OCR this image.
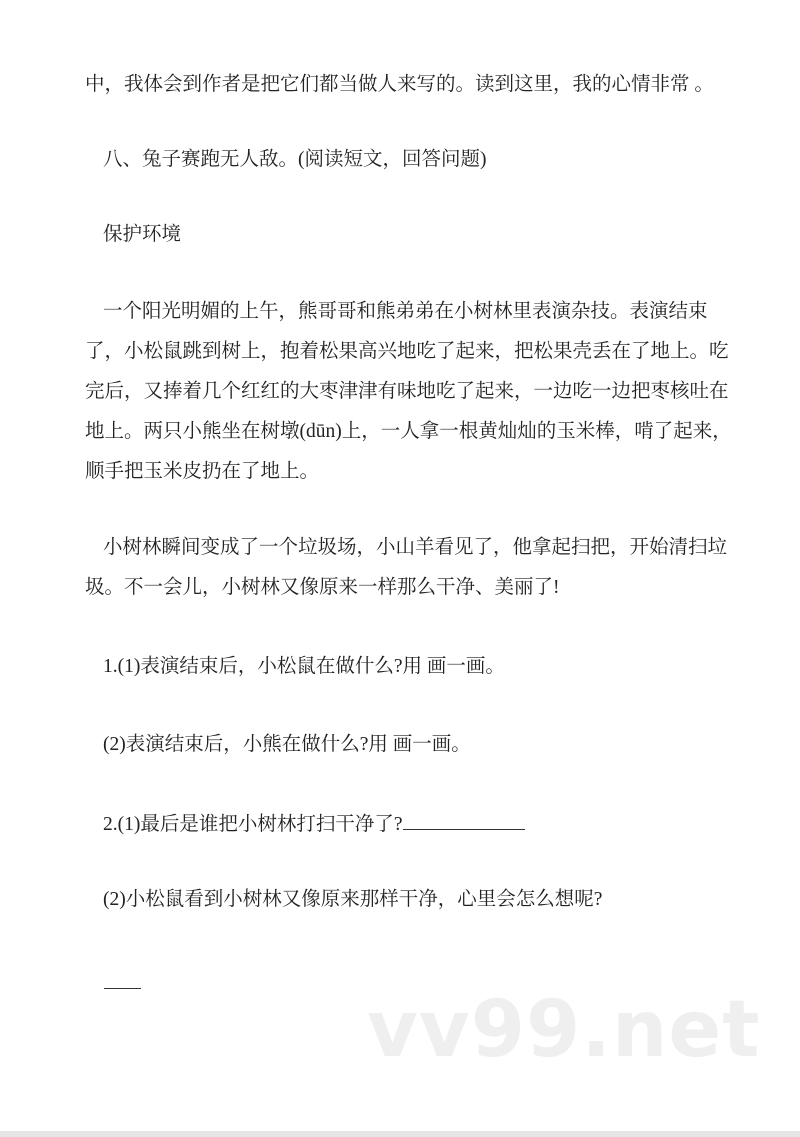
中，我体会到作者是把它们都当做人来写的。读到这里，我的心情非常 。
八、兔子赛跑无人敌。(阅读短文，回答问题)
保护环境
一个阳光明媚的上午，熊哥哥和熊弟弟在小树林里表演杂技。表演结束
了，小松鼠跳到树上，抱着松果高兴地吃了起来，把松果壳丢在了地上。吃
完后，又捧着几个红红的大枣津津有味地吃了起来，一边吃一边把枣核吐在
地上。两只小熊坐在树墩(dūn)上，一人拿一根黄灿灿的玉米棒，啃了起来，
顺手把玉米皮扔在了地上。
小树林瞬间变成了一个垃圾场，小山羊看见了，他拿起扫把，开始清扫垃
圾。不一会儿，小树林又像原来一样那么干净、美丽了!
1.(1)表演结束后，小松鼠在做什么?用 画一画。
(2)表演结束后，小熊在做什么?用 画一画。
2.(1)最后是谁把小树林打扫干净了?
(2)小松鼠看到小树林又像原来那样干净，心里会怎么想呢?
vv99.net
